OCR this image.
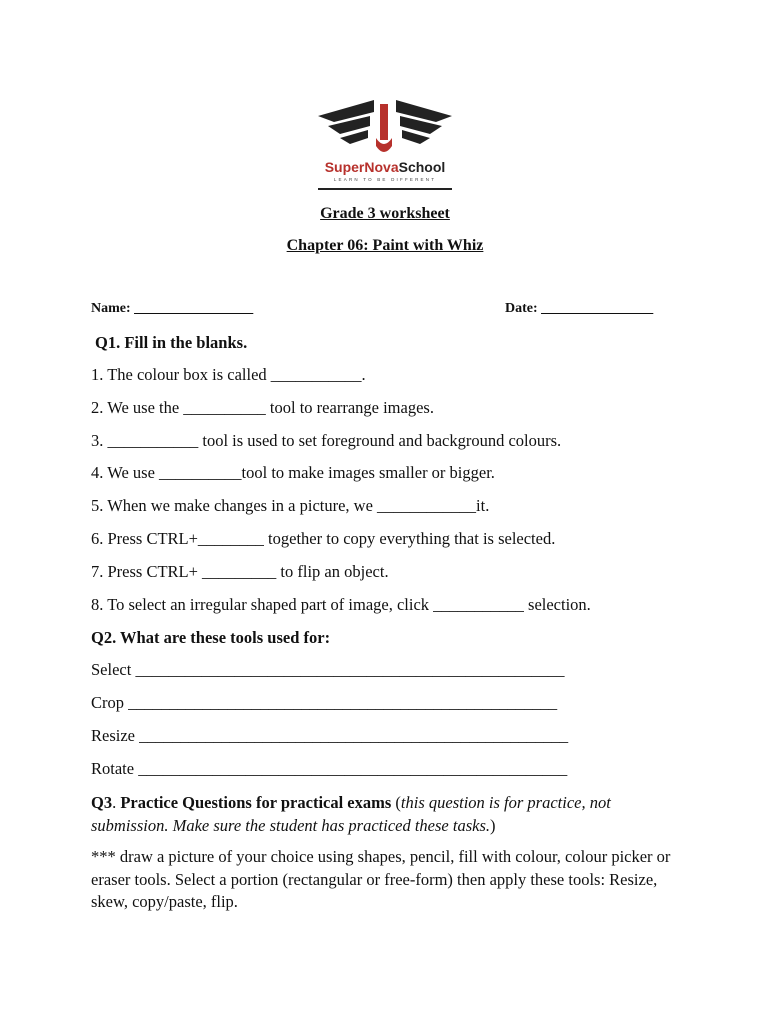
SuperNovaSchool
LEARN TO BE DIFFERENT
Grade 3 worksheet
Chapter 06: Paint with Whiz
Name: _________________	Date: ________________
Q1. Fill in the blanks.
1. The colour box is called ___________.
2. We use the __________ tool to rearrange images.
3. ___________ tool is used to set foreground and background colours.
4. We use __________tool to make images smaller or bigger.
5. When we make changes in a picture, we ____________it.
6. Press CTRL+________ together to copy everything that is selected.
7. Press CTRL+ _________ to flip an object.
8. To select an irregular shaped part of image, click ___________ selection.
Q2. What are these tools used for:
Select ____________________________________________________
Crop ____________________________________________________
Resize ____________________________________________________
Rotate ____________________________________________________
Q3. Practice Questions for practical exams (this question is for practice, not submission. Make sure the student has practiced these tasks.)
*** draw a picture of your choice using shapes, pencil, fill with colour, colour picker or eraser tools. Select a portion (rectangular or free-form) then apply these tools: Resize, skew, copy/paste, flip.
